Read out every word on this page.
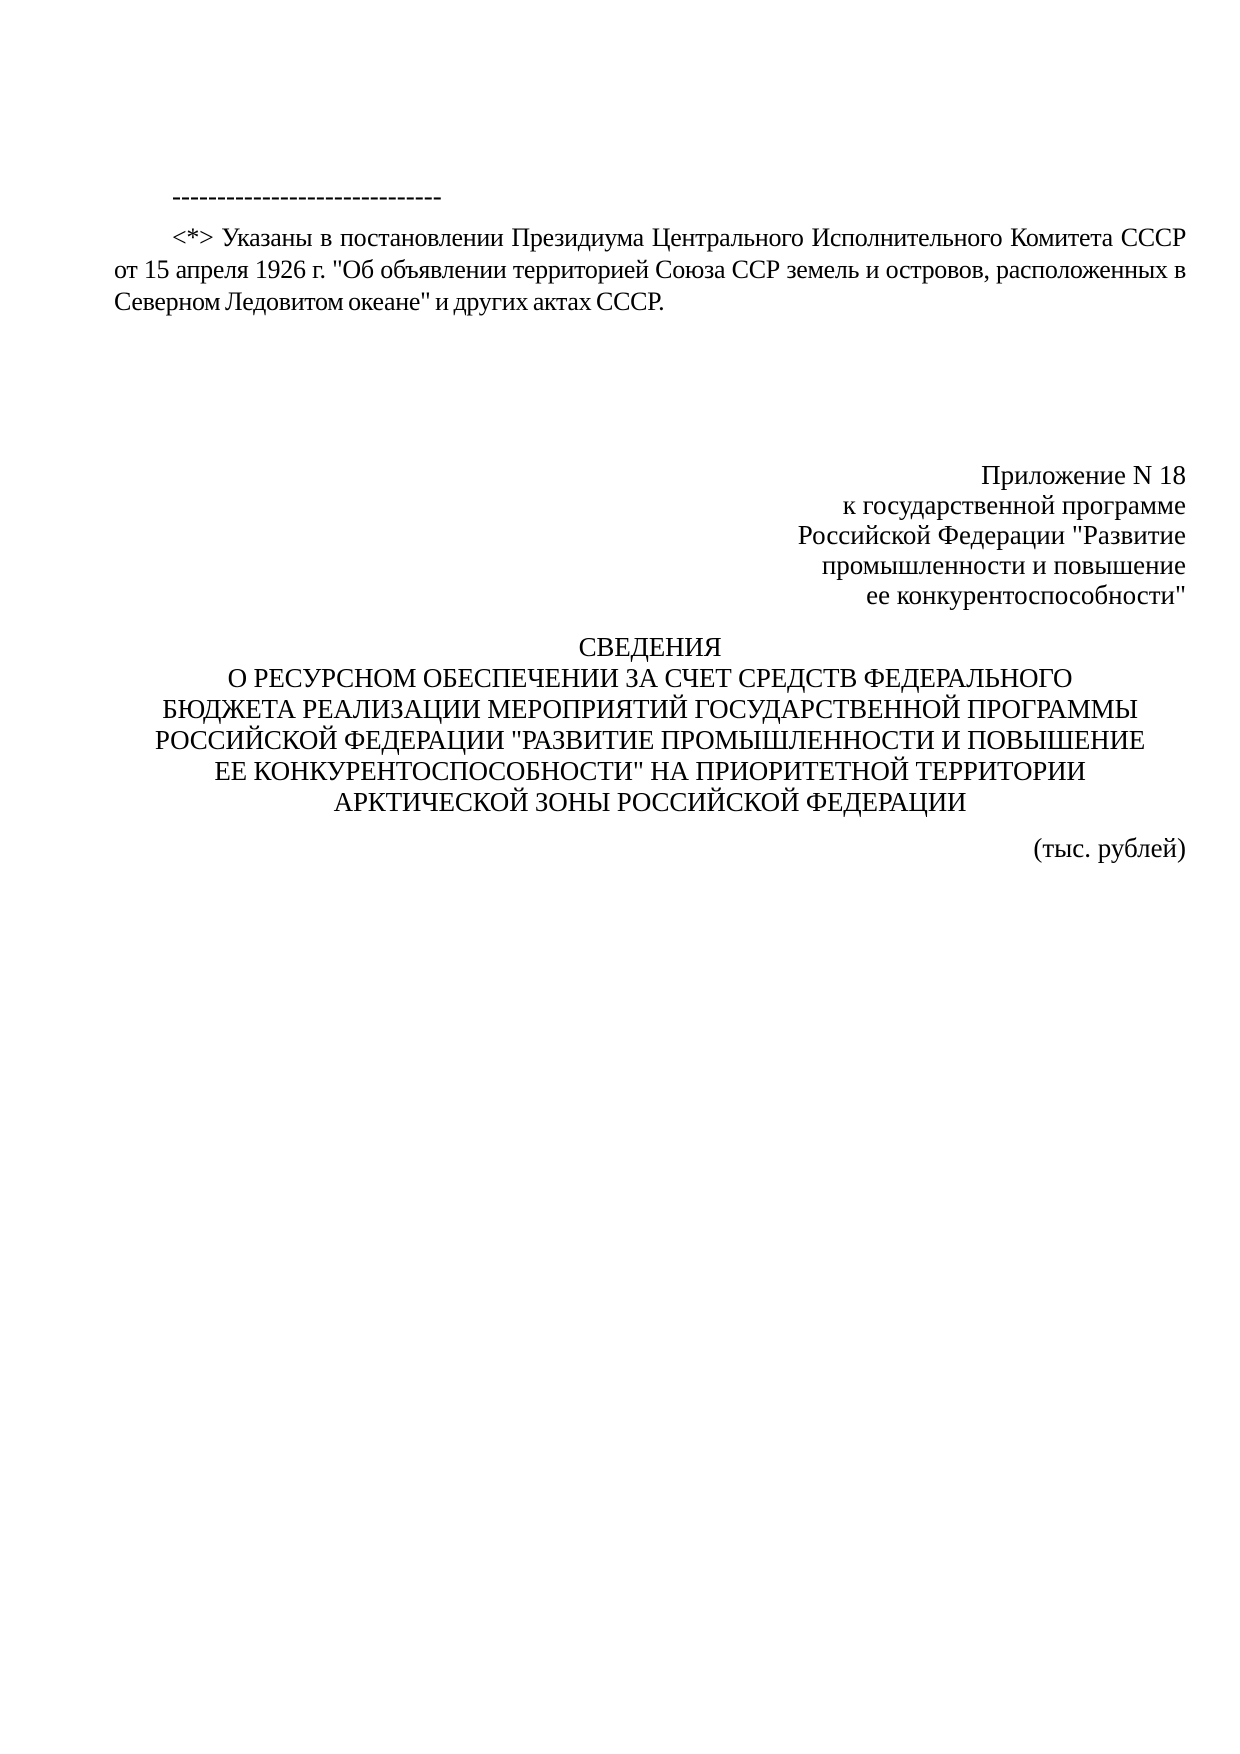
------------------------------
<*> Указаны в постановлении Президиума Центрального Исполнительного Комитета СССР
от 15 апреля 1926 г. "Об объявлении территорией Союза ССР земель и островов, расположенных в
Северном Ледовитом океане" и других актах СССР.
Приложение N 18
к государственной программе
Российской Федерации "Развитие
промышленности и повышение
ее конкурентоспособности"
СВЕДЕНИЯ
О РЕСУРСНОМ ОБЕСПЕЧЕНИИ ЗА СЧЕТ СРЕДСТВ ФЕДЕРАЛЬНОГО
БЮДЖЕТА РЕАЛИЗАЦИИ МЕРОПРИЯТИЙ ГОСУДАРСТВЕННОЙ ПРОГРАММЫ
РОССИЙСКОЙ ФЕДЕРАЦИИ "РАЗВИТИЕ ПРОМЫШЛЕННОСТИ И ПОВЫШЕНИЕ
ЕЕ КОНКУРЕНТОСПОСОБНОСТИ" НА ПРИОРИТЕТНОЙ ТЕРРИТОРИИ
АРКТИЧЕСКОЙ ЗОНЫ РОССИЙСКОЙ ФЕДЕРАЦИИ
(тыс. рублей)
